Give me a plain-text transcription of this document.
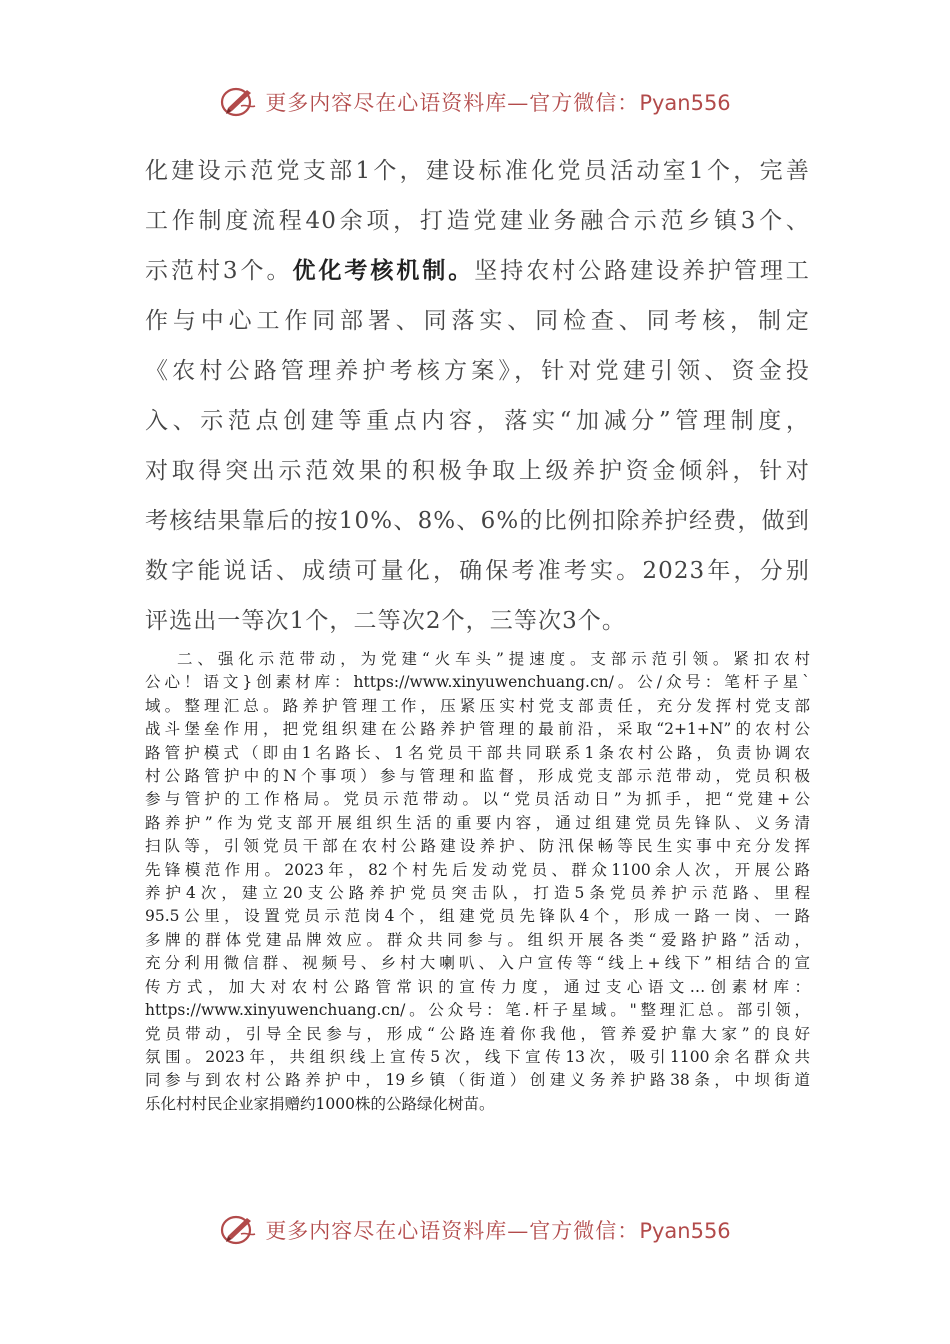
更多内容尽在心语资料库—官方微信：Pyan556
化建设示范党支部1个，建设标准化党员活动室1个，完善
工作制度流程40余项，打造党建业务融合示范乡镇3个、
示范村3个。优化考核机制。坚持农村公路建设养护管理工
作与中心工作同部署、同落实、同检查、同考核，制定
《农村公路管理养护考核方案》，针对党建引领、资金投
入、示范点创建等重点内容，落实“加减分”管理制度，
对取得突出示范效果的积极争取上级养护资金倾斜，针对
考核结果靠后的按10%、8%、6%的比例扣除养护经费，做到
数字能说话、成绩可量化，确保考准考实。2023年，分别
评选出一等次1个，二等次2个，三等次3个。
二、强化示范带动，为党建“火车头”提速度。支部示范引领。紧扣农村
公心！语文}创素材库：https://www.xinyuwenchuang.cn/。公/众号：笔杆子星`
域。整理汇总。路养护管理工作，压紧压实村党支部责任，充分发挥村党支部
战斗堡垒作用，把党组织建在公路养护管理的最前沿，采取“2+1+N”的农村公
路管护模式（即由1名路长、1名党员干部共同联系1条农村公路，负责协调农
村公路管护中的N个事项）参与管理和监督，形成党支部示范带动，党员积极
参与管护的工作格局。党员示范带动。以“党员活动日”为抓手，把“党建+公
路养护”作为党支部开展组织生活的重要内容，通过组建党员先锋队、义务清
扫队等，引领党员干部在农村公路建设养护、防汛保畅等民生实事中充分发挥
先锋模范作用。2023年，82个村先后发动党员、群众1100余人次，开展公路
养护4次，建立20支公路养护党员突击队，打造5条党员养护示范路、里程
95.5公里，设置党员示范岗4个，组建党员先锋队4个，形成一路一岗、一路
多牌的群体党建品牌效应。群众共同参与。组织开展各类“爱路护路”活动，
充分利用微信群、视频号、乡村大喇叭、入户宣传等“线上+线下”相结合的宣
传方式，加大对农村公路管常识的宣传力度，通过支心语文…创素材库：
https://www.xinyuwenchuang.cn/。公众号：笔.杆子星域。"整理汇总。部引领，
党员带动，引导全民参与，形成“公路连着你我他，管养爱护靠大家”的良好
氛围。2023年，共组织线上宣传5次，线下宣传13次，吸引1100余名群众共
同参与到农村公路养护中，19乡镇（街道）创建义务养护路38条，中坝街道
乐化村村民企业家捐赠约1000株的公路绿化树苗。
更多内容尽在心语资料库—官方微信：Pyan556
